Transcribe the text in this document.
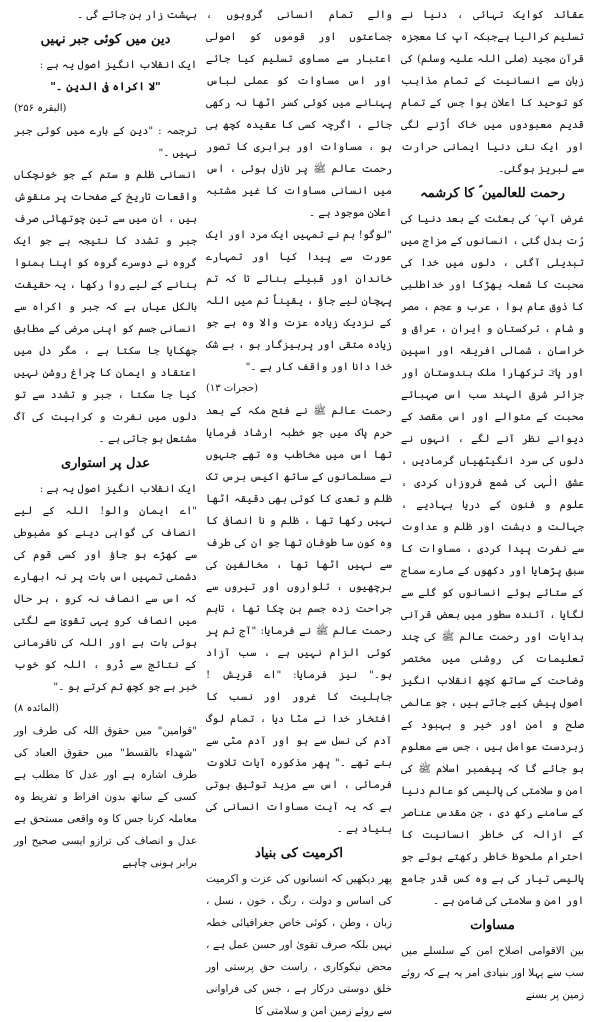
عقائد کوایک تہائی ، دنیا نے تسلیم کرالیا ہےجبکہ آپ کا معجزہ قرآن مجید (صلی اللہ علیہ وسلم) کی زبان سے انسانیت کے تمام مذاہب کو توحید کا اعلان ہوا جس کے تمام قدیم معبودوں میں خاک اُڑنے لگی اور ایک نئی دنیا ایمانی حرارت سے لبریز ہوگئی۔

رحمت للعالمین ؐ کا کرشمہ

غرض آپ ؐ کی بعثت کے بعد دنیا کی رُت بدل گئی ، انسانوں کے مزاج میں تبدیلی آگئی ، دلوں میں خدا کی محبت کا شعلہ بھڑکا اور خداطلبی کا ذوق عام ہوا ، عرب و عجم ، مصر و شام ، ترکستان و ایران ، عراق و خراسان ، شمالی افریقہ اور اسپین اور پاکؔ ترکھارا ملک ہندوستان اور جزائر شرق الہند سب اس صہبائے محبت کے متوالے اور اس مقصد کے دیوانے نظر آنے لگے ، انہوں نے دلوں کی سرد انگیٹھیاں گرمادیں ، عشق الٰہی کی شمع فروزاں کردی ، علوم و فنون کے دریا بہادیے ، جہالت و دہشت اور ظلم و عداوت سے نفرت پیدا کردی ، مساوات کا سبق پڑھایا اور دکھوں کے مارے سماج کے ستائے ہوئے انسانوں کو گلے سے لگایا ، آئندہ سطور میں بعض قرآنی ہدایات اور رحمت عالم ﷺ کی چند تعلیمات کی روشنی میں مختصر وضاحت کے ساتھ کچھ انقلاب انگیز اصول پیش کیے جاتے ہیں ، جو عالمی صلح و امن اور خیر و بہبود کے زبردست عوامل ہیں ، جس سے معلوم ہو جائے گا کہ پیغمبر اسلام ﷺ کی امن و سلامتی کی پالیسی کو عالم دنیا کے سامنے رکھ دی ، جن مقدس عناصر کے ازالہ کی خاطر انسانیت کا احترام ملحوظ خاطر رکھتے ہوئے جو پالیسی تیار کی ہے وہ کس قدر جامع اور امن و سلامتی کی ضامن ہے ۔

مساوات

بین الاقوامی اصلاح امن کے سلسلے میں سب سے پہلا اور بنیادی امر یہ ہے کہ روئے زمین پر بسنے

والے تمام انسانی گروہوں ، جماعتوں اور قوموں کو اصولی اعتبار سے مساوی تسلیم کیا جائے اور اس مساوات کو عملی لباس پہنانے میں کوئی کسر اٹھا نہ رکھی جائے ، اگرچہ کسی کا عقیدہ کچھ ہی ہو ، مساوات اور برابری کا تصور رحمت عالم ﷺ پر نازل ہوئی ، اس میں انسانی مساوات کا غیر مشتبہ اعلان موجود ہے ۔

"لوگو! ہم نے تمہیں ایک مرد اور ایک عورت سے پیدا کیا اور تمہارے خاندان اور قبیلے بنائے تا کہ تم پہچان لیے جاؤ ، یقیناً تم میں اللہ کے نزدیک زیادہ عزت والا وہ ہے جو زیادہ متقی اور پرہیزگار ہو ، بے شک خدا دانا اور واقف کار ہے ۔"

(حجرات ۱۳)

رحمت عالم ﷺ نے فتح مکہ کے بعد حرم پاک میں جو خطبہ ارشاد فرمایا تھا اس میں مخاطب وہ تھے جنہوں نے مسلمانوں کے ساتھ اکیس برس تک ظلم و تعدی کا کوئی بھی دقیقہ اٹھا نہیں رکھا تھا ، ظلم و نا انصافی کا وہ کون سا طوفان تھا جو ان کی طرف سے نہیں اٹھا تھا ، مخالفین کی برچھیوں ، تلواروں اور تیروں سے جراحت زدہ جسم بن چکا تھا ، تاہم رحمت عالم ﷺ نے فرمایا: "آج تم پر کوئی الزام نہیں ہے ، سب آزاد ہو۔" نیز فرمایا: "اے قریش ! جاہلیت کا غرور اور نسب کا افتخار خدا نے مٹا دیا ، تمام لوگ آدم کی نسل سے ہو اور آدم مٹی سے بنے تھے ۔" پھر مذکورہ آیات تلاوت فرمائی ، اس سے مزید توثیق ہوتی ہے کہ یہ آیت مساوات انسانی کی بنیاد ہے ۔

اکرمیت کی بنیاد

پھر دیکھیں کہ انسانوں کی عزت و اکرمیت کی اساس و دولت ، رنگ ، خون ، نسل ، زبان ، وطن ، کوئی خاص جغرافیائی خطہ نہیں بلکہ صرف تقویٰ اور حسن عمل ہے ، محض نیکوکاری ، راست حق پرستی اور خلق دوستی درکار ہے ، جس کی فراوانی سے روئے زمین امن و سلامتی کا

بہشت زار بن جائے گی ۔

دین میں کوئی جبر نہیں

ایک انقلاب انگیز اصول یہ ہے :

"لا اکراہ فی الدین ۔"

(البقرہ ۲۵۶)

ترجمہ : "دین کے بارے میں کوئی جبر نہیں ۔"

انسانی ظلم و ستم کے جو خونچکاں واقعات تاریخ کے صفحات پر منقوش ہیں ، ان میں سے تین چوتھائی صرف جبر و تشدد کا نتیجہ ہے جو ایک گروہ نے دوسرے گروہ کو اپنا ہمنوا بنانے کے لیے روا رکھا ، یہ حقیقت بالکل عیاں ہے کہ جبر و اکراہ سے انسانی جسم کو اپنی مرضی کے مطابق جھکایا جا سکتا ہے ، مگر دل میں اعتقاد و ایمان کا چراغ روشن نہیں کیا جا سکتا ، جبر و تشدد سے تو دلوں میں نفرت و کراہیت کی آگ مشتعل ہو جاتی ہے ۔

عدل پر استواری

ایک انقلاب انگیز اصول یہ ہے :

"اے ایمان والو! اللہ کے لیے انصاف کی گواہی دینے کو مضبوطی سے کھڑے ہو جاؤ اور کسی قوم کی دشمنی تمہیں اس بات پر نہ ابھارے کہ اس سے انصاف نہ کرو ، ہر حال میں انصاف کرو یہی تقویٰ سے لگتی ہوئی بات ہے اور اللہ کی نافرمانی کے نتائج سے ڈرو ، اللہ کو خوب خبر ہے جو کچھ تم کرتے ہو ۔"

(المائدہ ۸)

"قوامین" میں حقوق اللہ کی طرف اور "شھداء بالقسط" میں حقوق العباد کی طرف اشارہ ہے اور عدل کا مطلب ہے کسی کے ساتھ بدون افراط و تفریط وہ معاملہ کرنا جس کا وہ واقعی مستحق ہے عدل و انصاف کی ترازو ایسی صحیح اور برابر ہونی چاہیے
